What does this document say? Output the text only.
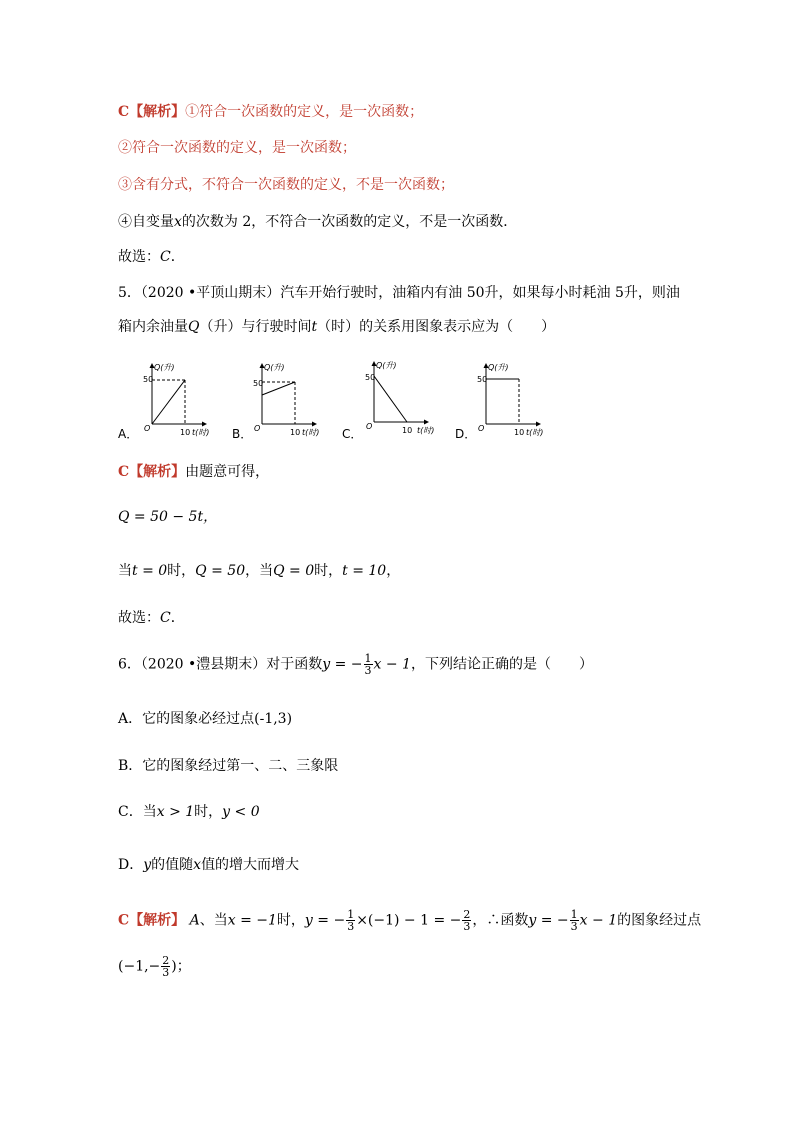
C【解析】①符合一次函数的定义，是一次函数；
②符合一次函数的定义，是一次函数；
③含有分式，不符合一次函数的定义，不是一次函数；
④自变量x的次数为 2，不符合一次函数的定义，不是一次函数．
故选：C．
5．（2020 •平顶山期末）汽车开始行驶时，油箱内有油 50升，如果每小时耗油 5升，则油
箱内余油量Q（升）与行驶时间t（时）的关系用图象表示应为（　　）
A．	B．	C．	D．
50
Q(升)
O	10 t(时)
50
Q(升)
O	10 t(时)
50
Q(升)
O	10 t(时)
50
Q(升)
O	10 t(时)
C【解析】由题意可得，
Q = 50 − 5t，
当t = 0时，Q = 50，当Q = 0时，t = 10，
故选：C．
6．（2020 •澧县期末）对于函数y = − $\frac{1}{3}$ x − 1，下列结论正确的是（　　）
A．它的图象必经过点(-1,3)
B．它的图象经过第一、二、三象限
C．当x > 1时，y < 0
D．y的值随x值的增大而增大
C【解析】 A、当x = −1时，y = − $\frac{1}{3} \times(-1) - 1$ = − $\frac{2}{3}$ ，∴函数y = − $\frac{1}{3}$ x − 1的图象经过点
($-1,- \frac{2}{3}$ )；
